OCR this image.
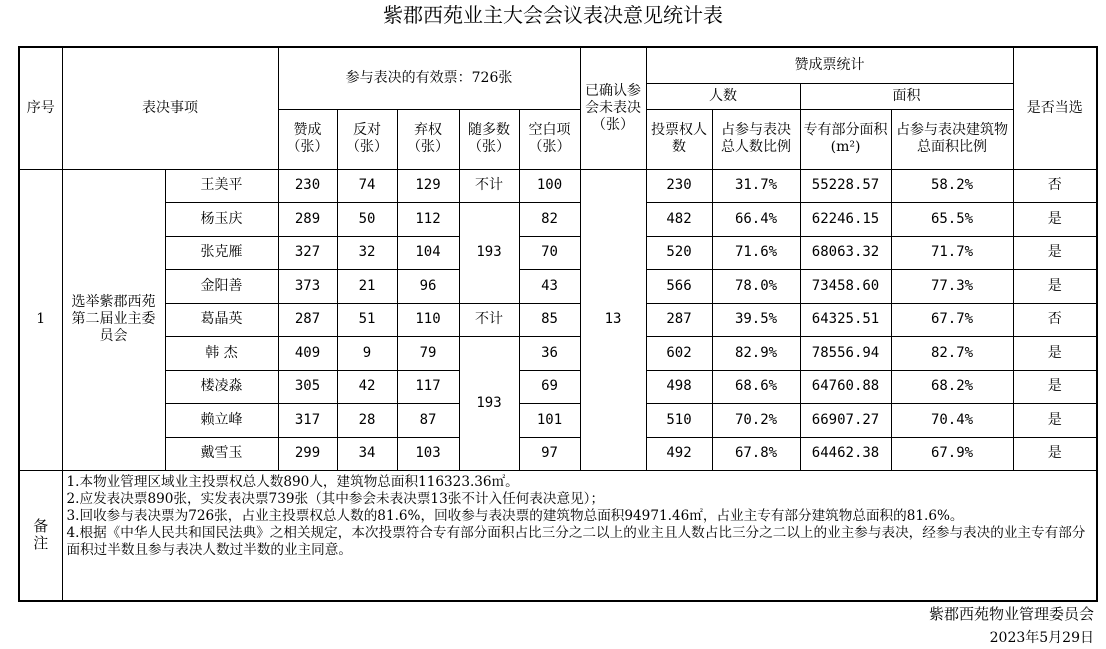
紫郡西苑业主大会会议表决意见统计表
序号	表决事项		参与表决的有效票：726张					已确认参会未表决（张）	赞成票统计				是否当选
									人数		面积		
			赞成（张）	反对（张）	弃权（张）	随多数（张）	空白项（张）		投票权人数	占参与表决总人数比例	专有部分面积(m²)	占参与表决建筑物总面积比例	
1	选举紫郡西苑第二届业主委员会	王美平	230	74	129	不计	100	13	230	31.7%	55228.57	58.2%	否
		杨玉庆	289	50	112	193	82		482	66.4%	62246.15	65.5%	是
		张克雁	327	32	104		70		520	71.6%	68063.32	71.7%	是
		金阳善	373	21	96		43		566	78.0%	73458.60	77.3%	是
		葛晶英	287	51	110	不计	85		287	39.5%	64325.51	67.7%	否
		韩 杰	409	9	79	193	36		602	82.9%	78556.94	82.7%	是
		楼凌淼	305	42	117		69		498	68.6%	64760.88	68.2%	是
		赖立峰	317	28	87		101		510	70.2%	66907.27	70.4%	是
		戴雪玉	299	34	103		97		492	67.8%	64462.38	67.9%	是
备注	1.本物业管理区域业主投票权总人数890人，建筑物总面积116323.36㎡。
2.应发表决票890张，实发表决票739张（其中参会未表决票13张不计入任何表决意见）；
3.回收参与表决票为726张，占业主投票权总人数的81.6%，回收参与表决票的建筑物总面积94971.46㎡，占业主专有部分建筑物总面积的81.6%。
4.根据《中华人民共和国民法典》之相关规定，本次投票符合专有部分面积占比三分之二以上的业主且人数占比三分之二以上的业主参与表决，经参与表决的业主专有部分面积过半数且参与表决人数过半数的业主同意。												
紫郡西苑物业管理委员会
2023年5月29日
